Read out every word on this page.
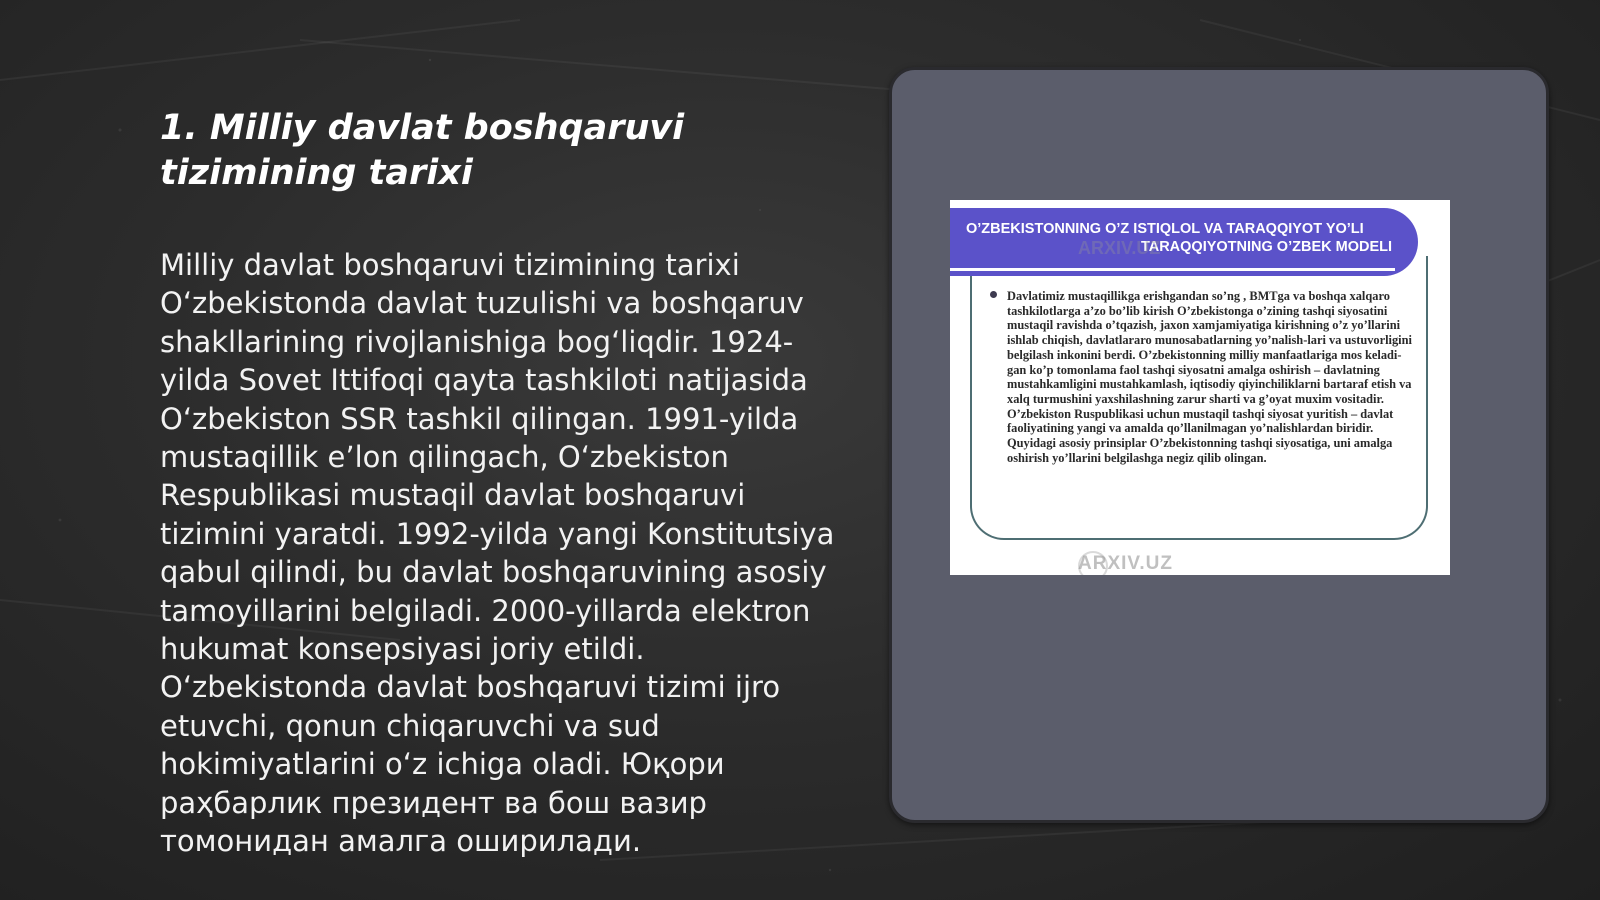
1. Milliy davlat boshqaruvi tizimining tarixi

Milliy davlat boshqaruvi tizimining tarixi O‘zbekistonda davlat tuzulishi va boshqaruv shakllarining rivojlanishiga bog‘liqdir. 1924-yilda Sovet Ittifoqi qayta tashkiloti natijasida O‘zbekiston SSR tashkil qilingan. 1991-yilda mustaqillik e’lon qilingach, O‘zbekiston Respublikasi mustaqil davlat boshqaruvi tizimini yaratdi. 1992-yilda yangi Konstitutsiya qabul qilindi, bu davlat boshqaruvining asosiy tamoyillarini belgiladi. 2000-yillarda elektron hukumat konsepsiyasi joriy etildi. O‘zbekistonda davlat boshqaruvi tizimi ijro etuvchi, qonun chiqaruvchi va sud hokimiyatlarini o‘z ichiga oladi. Юқори раҳбарлик президент ва бош вазир томонидан амалга оширилади.

O’ZBEKISTONNING O’Z ISTIQLOL VA TARAQQIYOT YO’LI
TARAQQIYOTNING O’ZBEK MODELI
ARXIV.UZ

Davlatimiz mustaqillikga erishgandan so’ng , BMTga va boshqa xalqaro tashkilotlarga a’zo bo’lib kirish O’zbekistonga o’zining tashqi siyosatini mustaqil ravishda o’tqazish, jaxon xamjamiyatiga kirishning o’z yo’llarini ishlab chiqish, davlatlararo munosabatlarning yo’nalish-lari va ustuvorligini belgilash inkonini berdi. O’zbekistonning milliy manfaatlariga mos keladi-gan ko’p tomonlama faol tashqi siyosatni amalga oshirish – davlatning mustahkamligini mustahkamlash, iqtisodiy qiyinchiliklarni bartaraf etish va xalq turmushini yaxshilashning zarur sharti va g’oyat muxim vositadir. O’zbekiston Ruspublikasi uchun mustaqil tashqi siyosat yuritish – davlat faoliyatining yangi va amalda qo’llanilmagan yo’nalishlardan biridir. Quyidagi asosiy prinsiplar O’zbekistonning tashqi siyosatiga, uni amalga oshirish yo’llarini belgilashga negiz qilib olingan.

ARXIV.UZ
